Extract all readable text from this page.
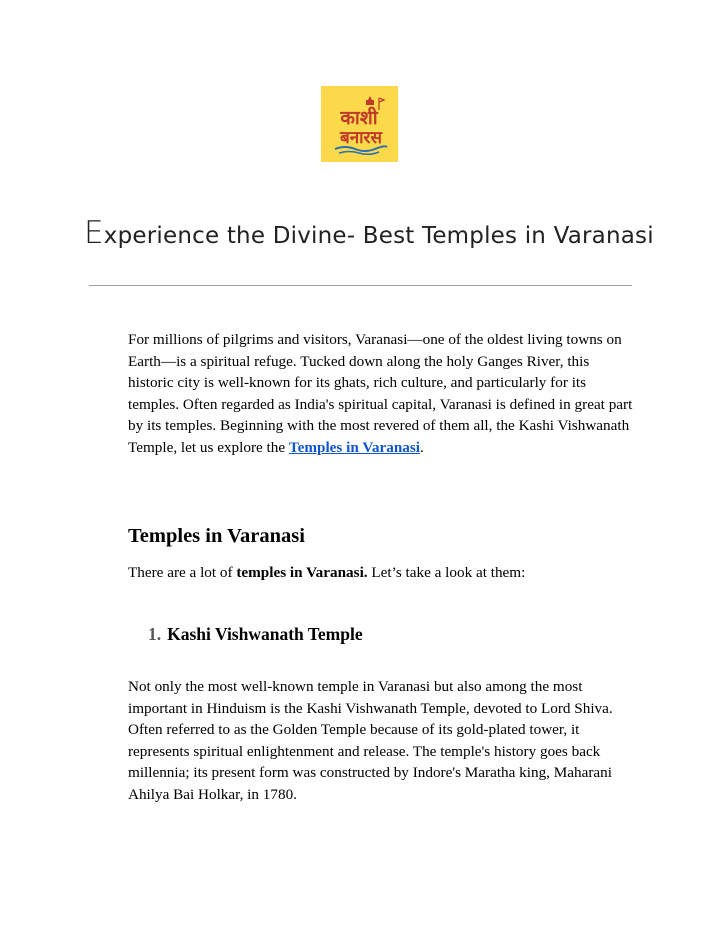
काशी
बनारस
Experience the Divine- Best Temples in Varanasi

For millions of pilgrims and visitors, Varanasi—one of the oldest living towns on Earth—is a spiritual refuge. Tucked down along the holy Ganges River, this historic city is well-known for its ghats, rich culture, and particularly for its temples. Often regarded as India's spiritual capital, Varanasi is defined in great part by its temples. Beginning with the most revered of them all, the Kashi Vishwanath Temple, let us explore the Temples in Varanasi.

Temples in Varanasi

There are a lot of temples in Varanasi. Let’s take a look at them:

1. Kashi Vishwanath Temple

Not only the most well-known temple in Varanasi but also among the most important in Hinduism is the Kashi Vishwanath Temple, devoted to Lord Shiva. Often referred to as the Golden Temple because of its gold-plated tower, it represents spiritual enlightenment and release. The temple's history goes back millennia; its present form was constructed by Indore's Maratha king, Maharani Ahilya Bai Holkar, in 1780.
